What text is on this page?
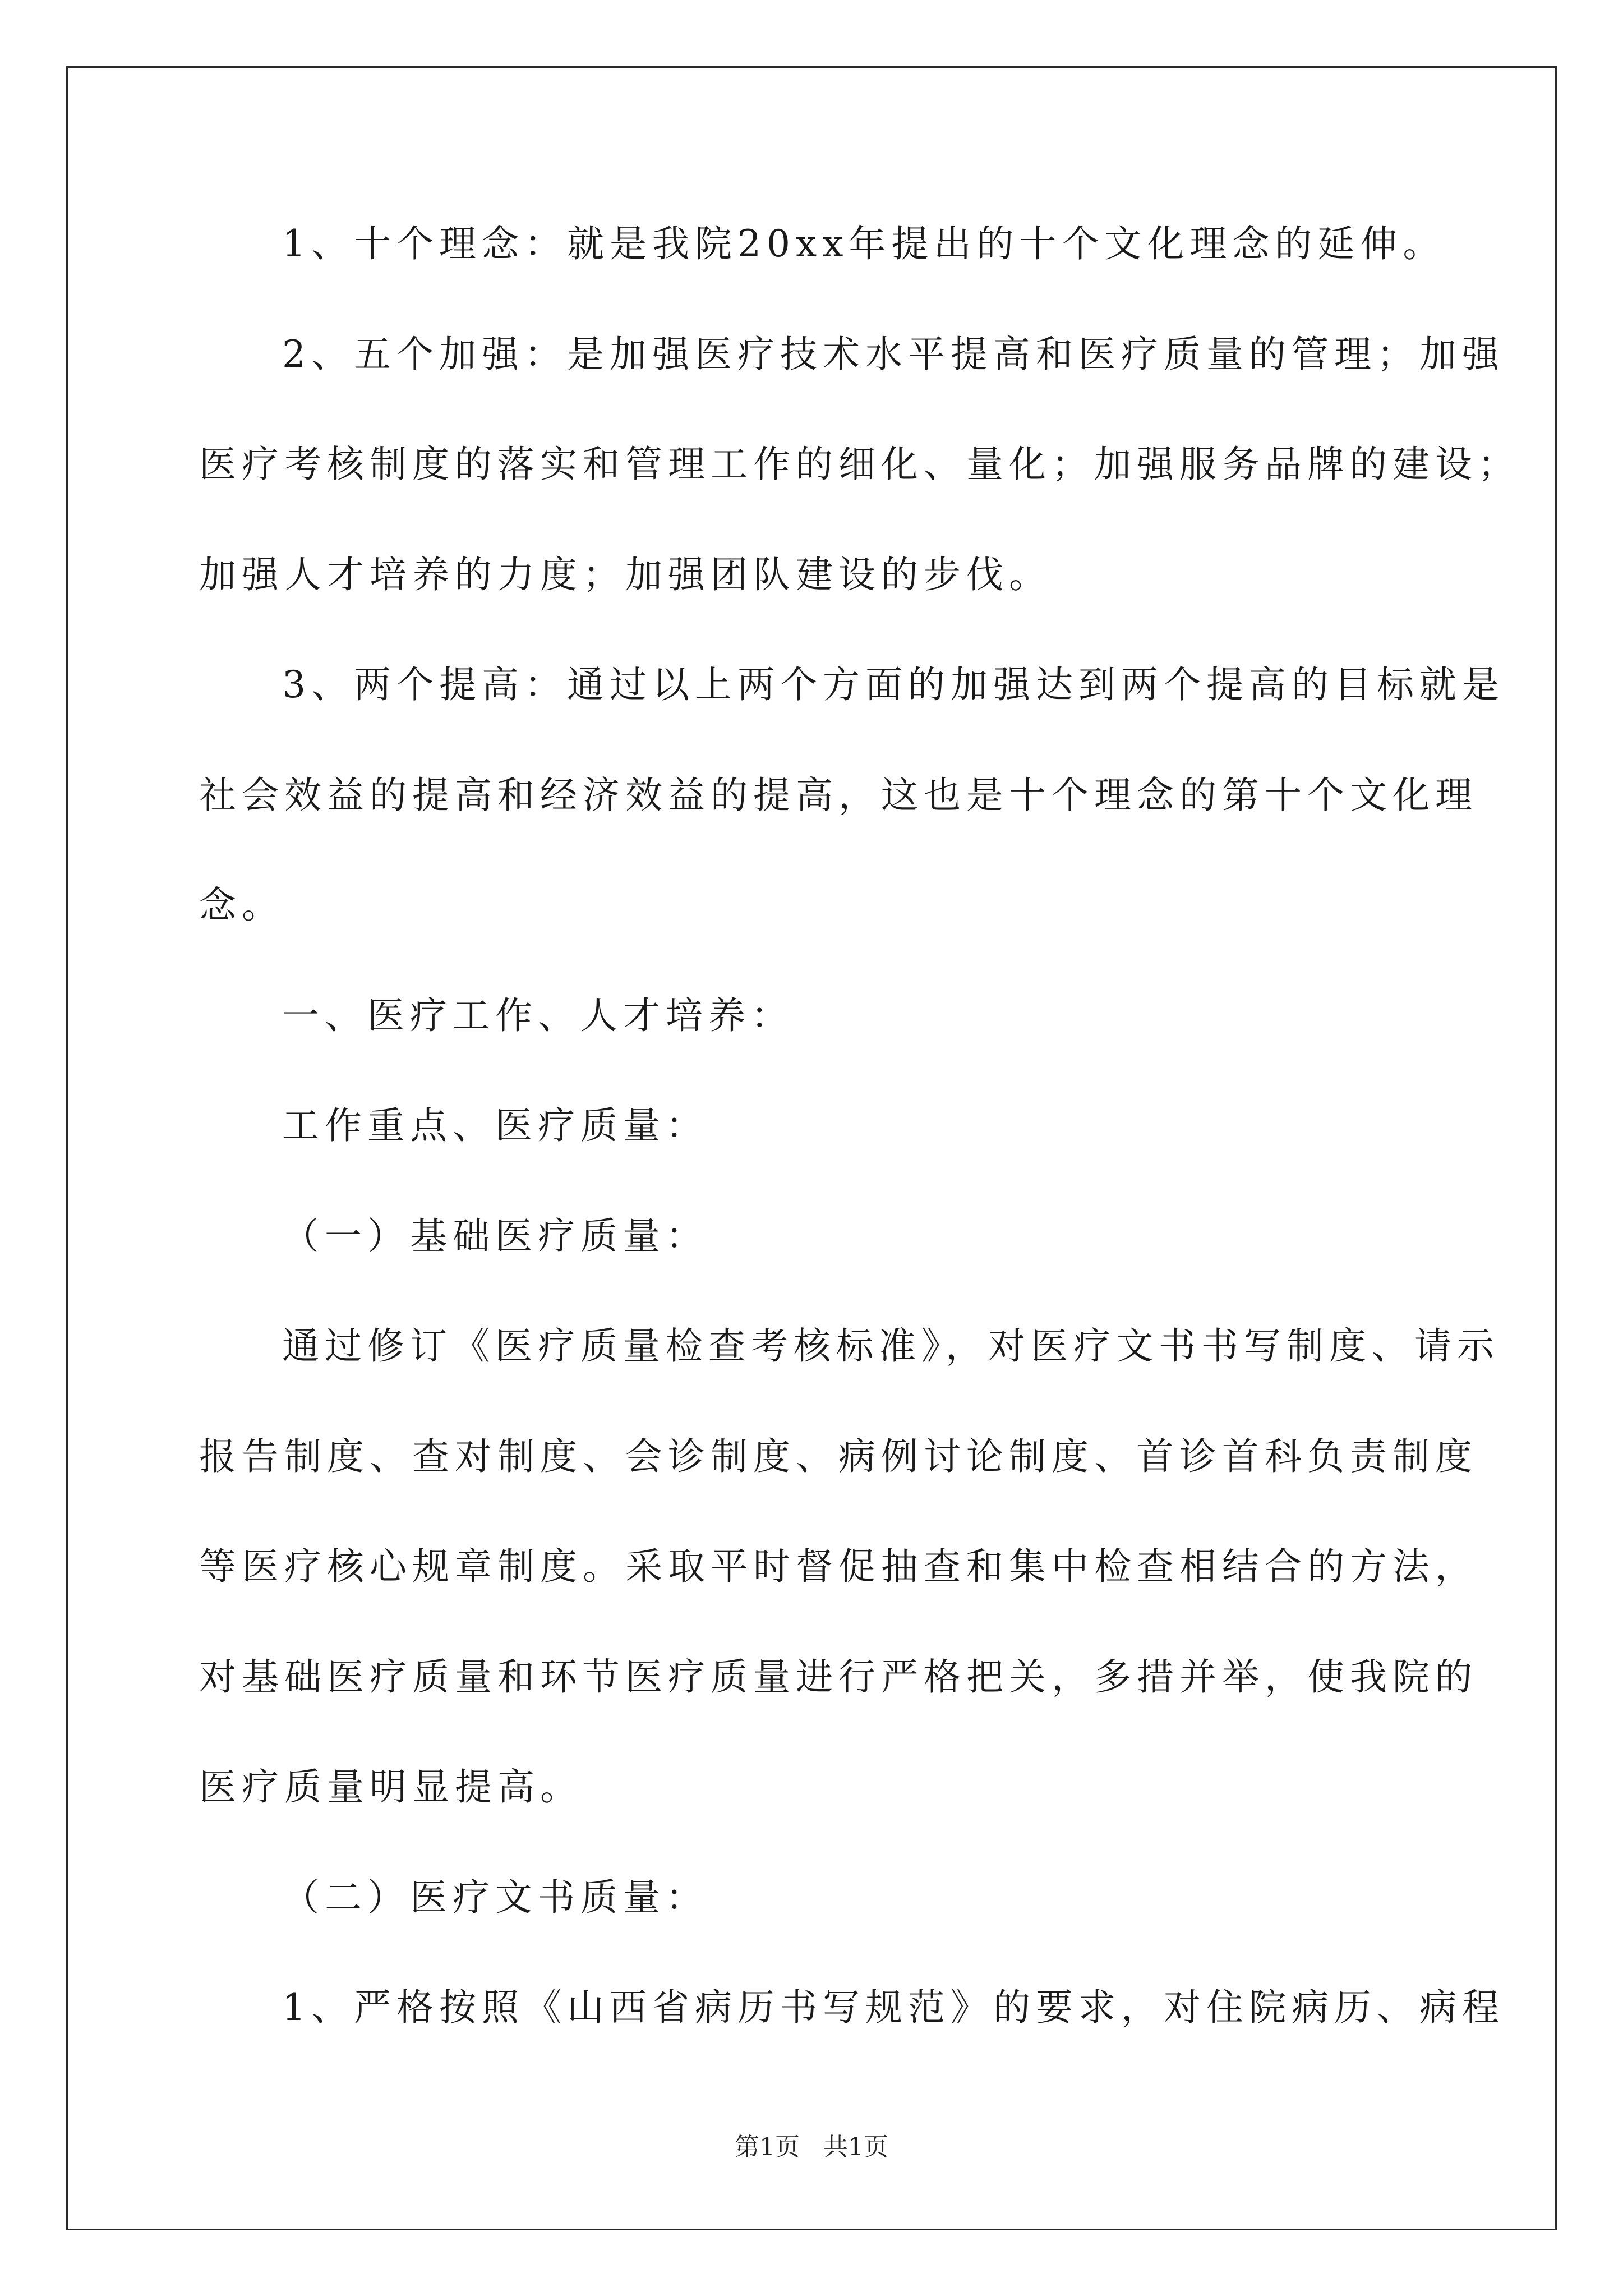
1、十个理念：就是我院20xx年提出的十个文化理念的延伸。
2、五个加强：是加强医疗技术水平提高和医疗质量的管理；加强
医疗考核制度的落实和管理工作的细化、量化；加强服务品牌的建设；
加强人才培养的力度；加强团队建设的步伐。
3、两个提高：通过以上两个方面的加强达到两个提高的目标就是
社会效益的提高和经济效益的提高，这也是十个理念的第十个文化理
念。
一、医疗工作、人才培养：
工作重点、医疗质量：
（一）基础医疗质量：
通过修订《医疗质量检查考核标准》，对医疗文书书写制度、请示
报告制度、查对制度、会诊制度、病例讨论制度、首诊首科负责制度
等医疗核心规章制度。采取平时督促抽查和集中检查相结合的方法，
对基础医疗质量和环节医疗质量进行严格把关，多措并举，使我院的
医疗质量明显提高。
（二）医疗文书质量：
1、严格按照《山西省病历书写规范》的要求，对住院病历、病程
第1页 共1页
